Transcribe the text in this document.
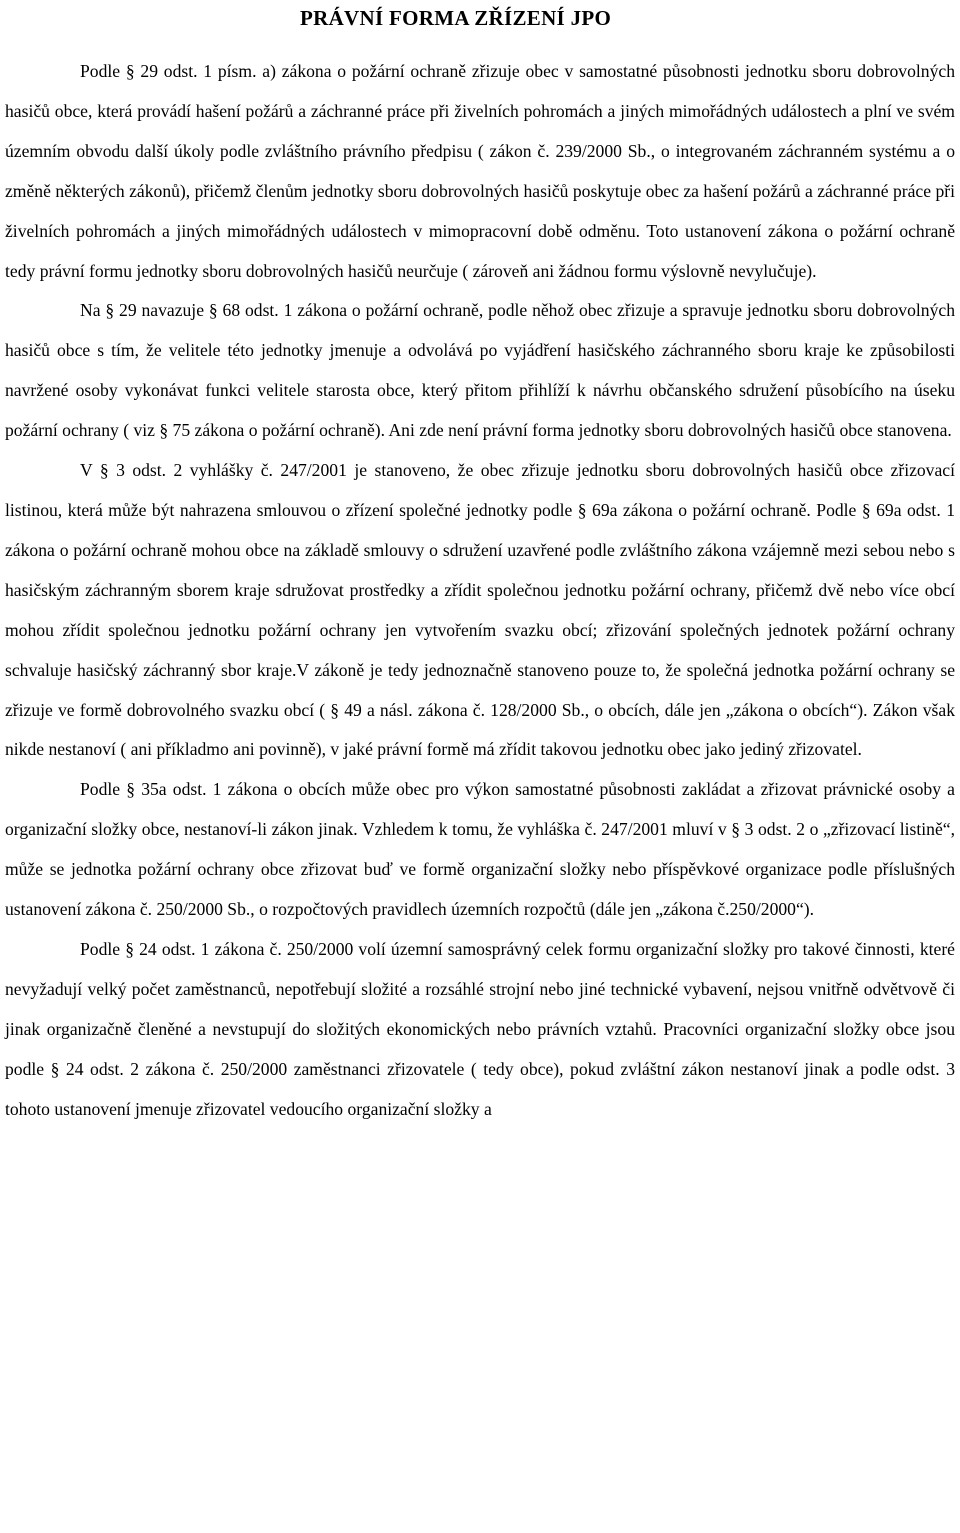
PRÁVNÍ FORMA ZŘÍZENÍ JPO

Podle § 29 odst. 1 písm. a) zákona o požární ochraně zřizuje obec v samostatné působnosti jednotku sboru dobrovolných hasičů obce, která provádí hašení požárů a záchranné práce při živelních pohromách a jiných mimořádných událostech a plní ve svém územním obvodu další úkoly podle zvláštního právního předpisu ( zákon č. 239/2000 Sb., o integrovaném záchranném systému a o změně některých zákonů), přičemž členům jednotky sboru dobrovolných hasičů poskytuje obec za hašení požárů a záchranné práce při živelních pohromách a jiných mimořádných událostech v mimopracovní době odměnu. Toto ustanovení zákona o požární ochraně tedy právní formu jednotky sboru dobrovolných hasičů neurčuje ( zároveň ani žádnou formu výslovně nevylučuje).

Na § 29 navazuje § 68 odst. 1 zákona o požární ochraně, podle něhož obec zřizuje a spravuje jednotku sboru dobrovolných hasičů obce s tím, že velitele této jednotky jmenuje a odvolává po vyjádření hasičského záchranného sboru kraje ke způsobilosti navržené osoby vykonávat funkci velitele starosta obce, který přitom přihlíží k návrhu občanského sdružení působícího na úseku požární ochrany ( viz § 75 zákona o požární ochraně). Ani zde není právní forma jednotky sboru dobrovolných hasičů obce stanovena.

V § 3 odst. 2 vyhlášky č. 247/2001 je stanoveno, že obec zřizuje jednotku sboru dobrovolných hasičů obce zřizovací listinou, která může být nahrazena smlouvou o zřízení společné jednotky podle § 69a zákona o požární ochraně. Podle § 69a odst. 1 zákona o požární ochraně mohou obce na základě smlouvy o sdružení uzavřené podle zvláštního zákona vzájemně mezi sebou nebo s hasičským záchranným sborem kraje sdružovat prostředky a zřídit společnou jednotku požární ochrany, přičemž dvě nebo více obcí mohou zřídit společnou jednotku požární ochrany jen vytvořením svazku obcí; zřizování společných jednotek požární ochrany schvaluje hasičský záchranný sbor kraje.V zákoně je tedy jednoznačně stanoveno pouze to, že společná jednotka požární ochrany se zřizuje ve formě dobrovolného svazku obcí ( § 49 a násl. zákona č. 128/2000 Sb., o obcích, dále jen „zákona o obcích“). Zákon však nikde nestanoví ( ani příkladmo ani povinně), v jaké právní formě má zřídit takovou jednotku obec jako jediný zřizovatel.

Podle § 35a odst. 1 zákona o obcích může obec pro výkon samostatné působnosti zakládat a zřizovat právnické osoby a organizační složky obce, nestanoví-li zákon jinak. Vzhledem k tomu, že vyhláška č. 247/2001 mluví v § 3 odst. 2 o „zřizovací listině“, může se jednotka požární ochrany obce zřizovat buď ve formě organizační složky nebo příspěvkové organizace podle příslušných ustanovení zákona č. 250/2000 Sb., o rozpočtových pravidlech územních rozpočtů (dále jen „zákona č.250/2000“).

Podle § 24 odst. 1 zákona č. 250/2000 volí územní samosprávný celek formu organizační složky pro takové činnosti, které nevyžadují velký počet zaměstnanců, nepotřebují složité a rozsáhlé strojní nebo jiné technické vybavení, nejsou vnitřně odvětvově či jinak organizačně členěné a nevstupují do složitých ekonomických nebo právních vztahů. Pracovníci organizační složky obce jsou podle § 24 odst. 2 zákona č. 250/2000 zaměstnanci zřizovatele ( tedy obce), pokud zvláštní zákon nestanoví jinak a podle odst. 3 tohoto ustanovení jmenuje zřizovatel vedoucího organizační složky a
